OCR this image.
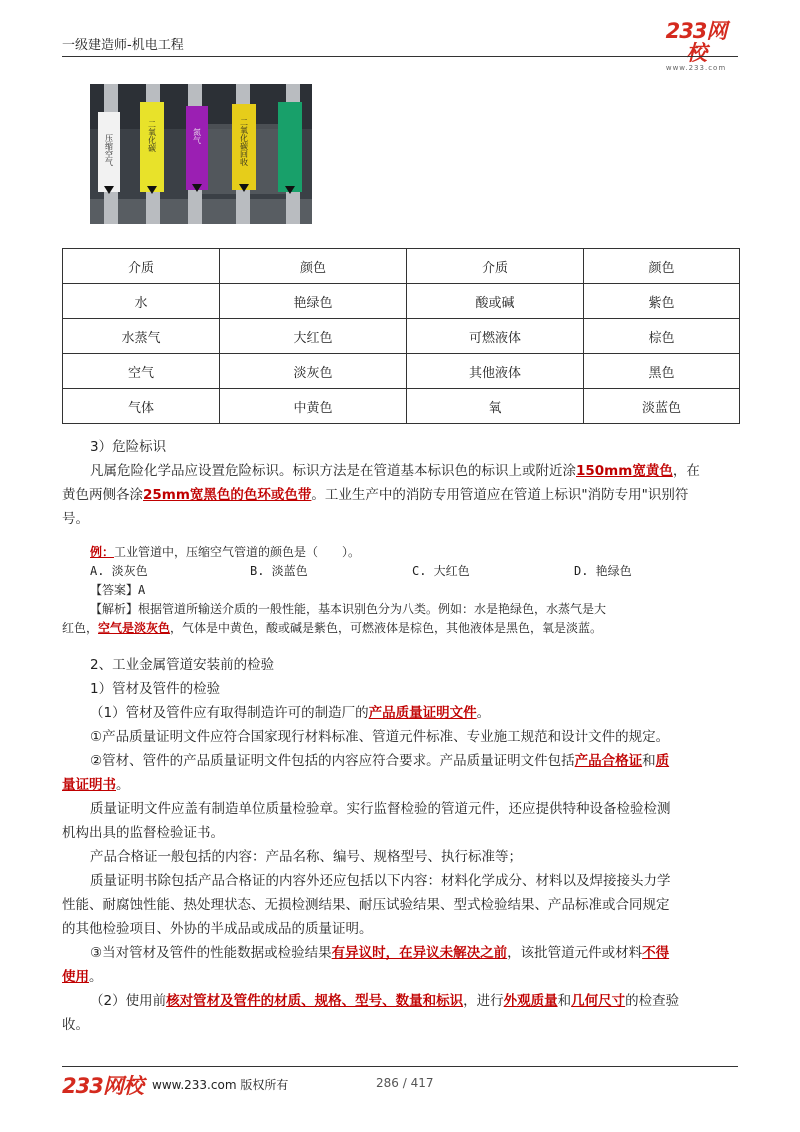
一级建造师-机电工程
233网校
www.233.com
压缩空气	二氧化碳	氮气	二氧化碳回收
介质	颜色	介质	颜色
水	艳绿色	酸或碱	紫色
水蒸气	大红色	可燃液体	棕色
空气	淡灰色	其他液体	黑色
气体	中黄色	氧	淡蓝色
3）危险标识
凡属危险化学品应设置危险标识。标识方法是在管道基本标识色的标识上或附近涂150mm宽黄色，在
黄色两侧各涂25mm宽黑色的色环或色带。工业生产中的消防专用管道应在管道上标识"消防专用"识别符
号。
例：工业管道中，压缩空气管道的颜色是（　　）。
A. 淡灰色	B. 淡蓝色	C. 大红色	D. 艳绿色
【答案】A
【解析】根据管道所输送介质的一般性能，基本识别色分为八类。例如：水是艳绿色，水蒸气是大
红色，空气是淡灰色，气体是中黄色，酸或碱是紫色，可燃液体是棕色，其他液体是黑色，氧是淡蓝。
2、工业金属管道安装前的检验
1）管材及管件的检验
（1）管材及管件应有取得制造许可的制造厂的产品质量证明文件。
①产品质量证明文件应符合国家现行材料标准、管道元件标准、专业施工规范和设计文件的规定。
②管材、管件的产品质量证明文件包括的内容应符合要求。产品质量证明文件包括产品合格证和质
量证明书。
质量证明文件应盖有制造单位质量检验章。实行监督检验的管道元件，还应提供特种设备检验检测
机构出具的监督检验证书。
产品合格证一般包括的内容：产品名称、编号、规格型号、执行标准等；
质量证明书除包括产品合格证的内容外还应包括以下内容：材料化学成分、材料以及焊接接头力学
性能、耐腐蚀性能、热处理状态、无损检测结果、耐压试验结果、型式检验结果、产品标准或合同规定
的其他检验项目、外协的半成品或成品的质量证明。
③当对管材及管件的性能数据或检验结果有异议时，在异议未解决之前，该批管道元件或材料不得
使用。
（2）使用前核对管材及管件的材质、规格、型号、数量和标识，进行外观质量和几何尺寸的检查验
收。
233网校 www.233.com 版权所有	286 / 417
